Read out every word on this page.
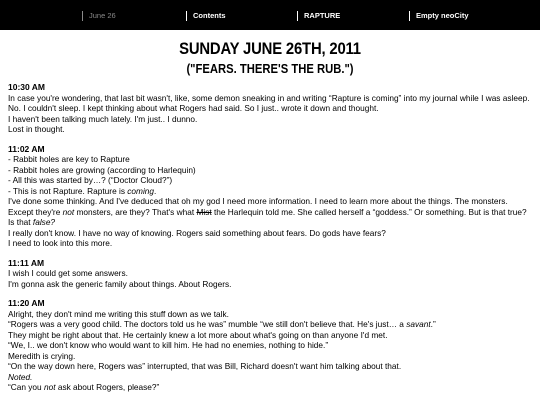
June 26	Contents	RAPTURE	Empty neoCity
SUNDAY JUNE 26TH, 2011
("FEARS. THERE'S THE RUB.")
10:30 AM
In case you're wondering, that last bit wasn't, like, some demon sneaking in and writing “Rapture is coming” into my journal while I was asleep. No. I couldn't sleep. I kept thinking about what Rogers had said. So I just.. wrote it down and thought.
I haven't been talking much lately. I'm just.. I dunno.
Lost in thought.
11:02 AM
- Rabbit holes are key to Rapture
- Rabbit holes are growing (according to Harlequin)
- All this was started by…? (“Doctor Cloud?”)
- This is not Rapture. Rapture is coming.
I've done some thinking. And I've deduced that oh my god I need more information. I need to learn more about the things. The monsters.
Except they're not monsters, are they? That's what Mist the Harlequin told me. She called herself a “goddess.” Or something. But is that true?
Is that false?
I really don't know. I have no way of knowing. Rogers said something about fears. Do gods have fears?
I need to look into this more.
11:11 AM
I wish I could get some answers.
I'm gonna ask the generic family about things. About Rogers.
11:20 AM
Alright, they don't mind me writing this stuff down as we talk.
“Rogers was a very good child. The doctors told us he was” mumble “we still don't believe that. He's just… a savant.”
They might be right about that. He certainly knew a lot more about what's going on than anyone I'd met.
“We, I.. we don't know who would want to kill him. He had no enemies, nothing to hide.”
Meredith is crying.
“On the way down here, Rogers was” interrupted, that was Bill, Richard doesn't want him talking about that.
Noted.
“Can you not ask about Rogers, please?”
